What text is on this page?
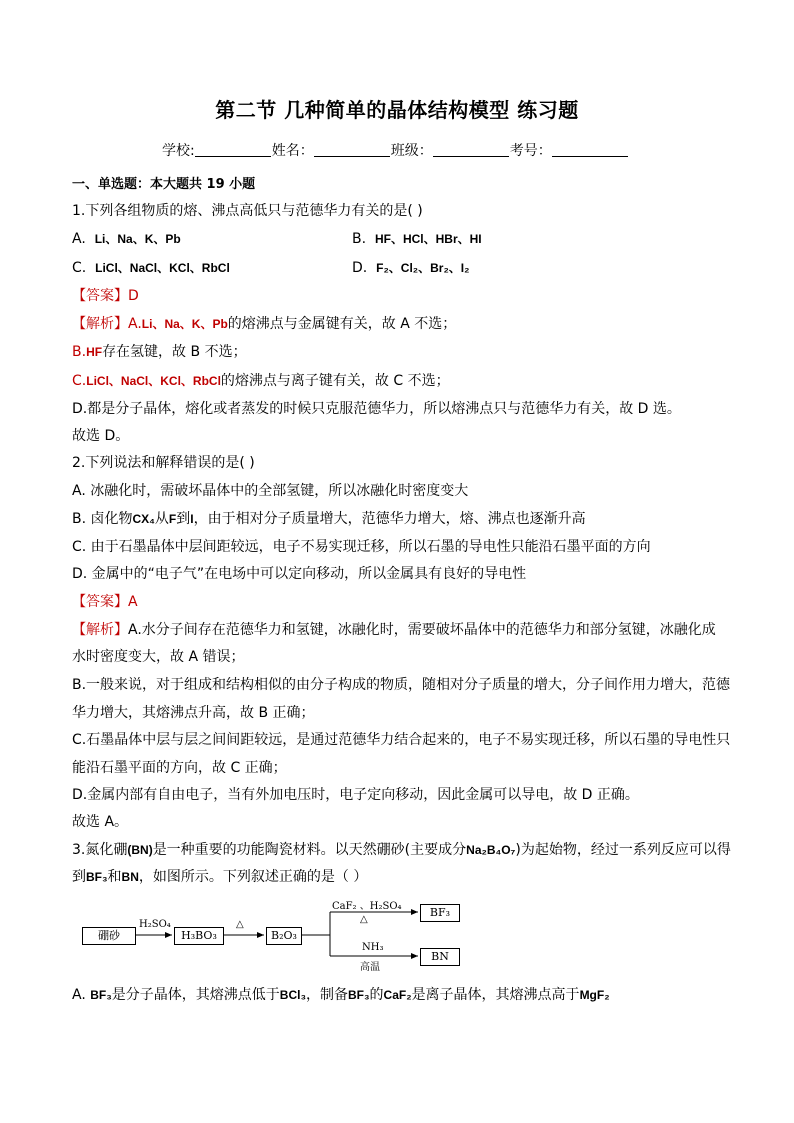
第二节 几种简单的晶体结构模型 练习题
学校:	姓名：	班级：	考号：
一、单选题：本大题共 19 小题
1.下列各组物质的熔、沸点高低只与范德华力有关的是( )
A. Li、Na、K、Pb	B. HF、HCl、HBr、HI
C. LiCl、NaCl、KCl、RbCl	D. F₂、Cl₂、Br₂、I₂
【答案】D
【解析】A.Li、Na、K、Pb的熔沸点与金属键有关，故 A 不选；
B.HF存在氢键，故 B 不选；
C.LiCl、NaCl、KCl、RbCl的熔沸点与离子键有关，故 C 不选；
D.都是分子晶体，熔化或者蒸发的时候只克服范德华力，所以熔沸点只与范德华力有关，故 D 选。
故选 D。
2.下列说法和解释错误的是( )
A. 冰融化时，需破坏晶体中的全部氢键，所以冰融化时密度变大
B. 卤化物CX₄从F到I，由于相对分子质量增大，范德华力增大，熔、沸点也逐渐升高
C. 由于石墨晶体中层间距较远，电子不易实现迁移，所以石墨的导电性只能沿石墨平面的方向
D. 金属中的“电子气”在电场中可以定向移动，所以金属具有良好的导电性
【答案】A
【解析】A.水分子间存在范德华力和氢键，冰融化时，需要破坏晶体中的范德华力和部分氢键，冰融化成
水时密度变大，故 A 错误；
B.一般来说，对于组成和结构相似的由分子构成的物质，随相对分子质量的增大，分子间作用力增大，范德
华力增大，其熔沸点升高，故 B 正确；
C.石墨晶体中层与层之间间距较远，是通过范德华力结合起来的，电子不易实现迁移，所以石墨的导电性只
能沿石墨平面的方向，故 C 正确；
D.金属内部有自由电子，当有外加电压时，电子定向移动，因此金属可以导电，故 D 正确。
故选 A。
3.氮化硼(BN)是一种重要的功能陶瓷材料。以天然硼砂(主要成分Na₂B₄O₇)为起始物，经过一系列反应可以得
到BF₃和BN，如图所示。下列叙述正确的是（ ）
硼砂
H₂SO₄
H₃BO₃
△
B₂O₃
CaF₂ 、H₂SO₄
△
BF₃
NH₃
高温
BN
A. BF₃是分子晶体，其熔沸点低于BCl₃，制备BF₃的CaF₂是离子晶体，其熔沸点高于MgF₂
